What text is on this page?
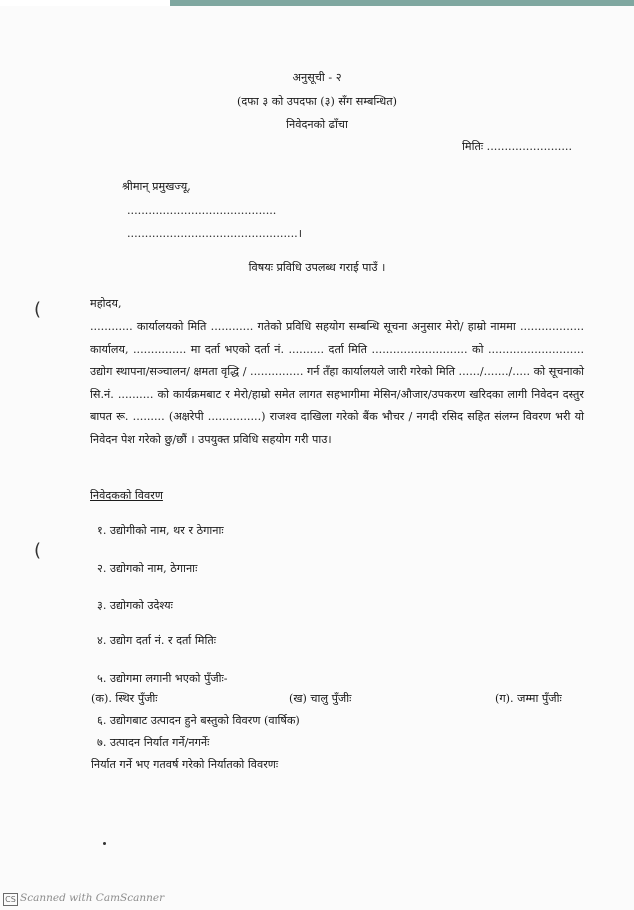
अनुसूची - २
(दफा ३ को उपदफा (३) सँग सम्बन्धित)
निवेदनको ढाँचा
मितिः ........................
श्रीमान् प्रमुखज्यू,
..........................................
................................................।
विषयः प्रविधि उपलब्ध गराई पाउँ ।
(	महोदय,
............ कार्यालयको मिति ............ गतेको प्रविधि सहयोग सम्बन्धि सूचना अनुसार मेरो/ हाम्रो नाममा .................. कार्यालय, ............... मा दर्ता भएको दर्ता नं. .......... दर्ता मिति ........................... को ........................... उद्योग स्थापना/सञ्चालन/ क्षमता वृद्धि / ............... गर्न तँहा कार्यालयले जारी गरेको मिति ....../......./..... को सूचनाको सि.नं. .......... को कार्यक्रमबाट र मेरो/हाम्रो समेत लागत सहभागीमा मेसिन/औजार/उपकरण खरिदका लागी निवेदन दस्तुर बापत रू. ......... (अक्षरेपी ...............) राजश्व दाखिला गरेको बैंक भौचर / नगदी रसिद सहित संलग्न विवरण भरी यो निवेदन पेश गरेको छु/छौं । उपयुक्त प्रविधि सहयोग गरी पाउ।
निवेदकको विवरण
(
१. उद्योगीको नाम, थर र ठेगानाः
२. उद्योगको नाम, ठेगानाः
३. उद्योगको उदेश्यः
४. उद्योग दर्ता नं. र दर्ता मितिः
५. उद्योगमा लगानी भएको पुँजीः-
(क). स्थिर पुँजीः	(ख) चालु पुँजीः	(ग). जम्मा पुँजीः
६. उद्योगबाट उत्पादन हुने बस्तुको विवरण (वार्षिक)
७. उत्पादन निर्यात गर्ने/नगर्नेः
निर्यात गर्ने भए गतवर्ष गरेको निर्यातको विवरणः
CS Scanned with CamScanner
